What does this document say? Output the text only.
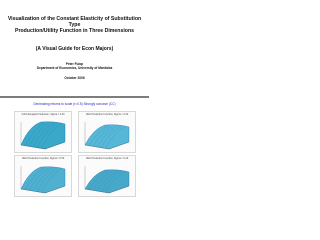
Visualization of the Constant Elasticity of Substitution Type
Production/Utility Function in Three Dimensions
(A Visual Guide for Econ Majors)
Peter Fulop
Department of Economics, University of Manitoba
October 2006
Decreasing returns to scale (r=0.5) Strongly concave (CC)
Cobb-Douglas Production, Sigma = 1.00	CES Production Function, Sigma = 2.00
CES Production Function, Sigma = 0.50	CES Production Function, Sigma = 0.20
